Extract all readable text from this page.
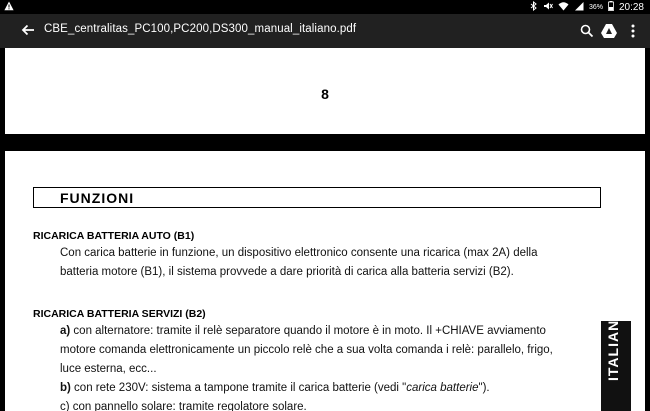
36% 20:28
CBE_centralitas_PC100,PC200,DS300_manual_italiano.pdf
8
FUNZIONI
RICARICA BATTERIA AUTO (B1)
Con carica batterie in funzione, un dispositivo elettronico consente una ricarica (max 2A) della
batteria motore (B1), il sistema provvede a dare priorità di carica alla batteria servizi (B2).
RICARICA BATTERIA SERVIZI (B2)
a) con alternatore: tramite il relè separatore quando il motore è in moto. Il +CHIAVE avviamento
motore comanda elettronicamente un piccolo relè che a sua volta comanda i relè: parallelo, frigo,
luce esterna, ecc...
b) con rete 230V: sistema a tampone tramite il carica batterie (vedi "carica batterie").
c) con pannello solare: tramite regolatore solare.
ITALIANO
